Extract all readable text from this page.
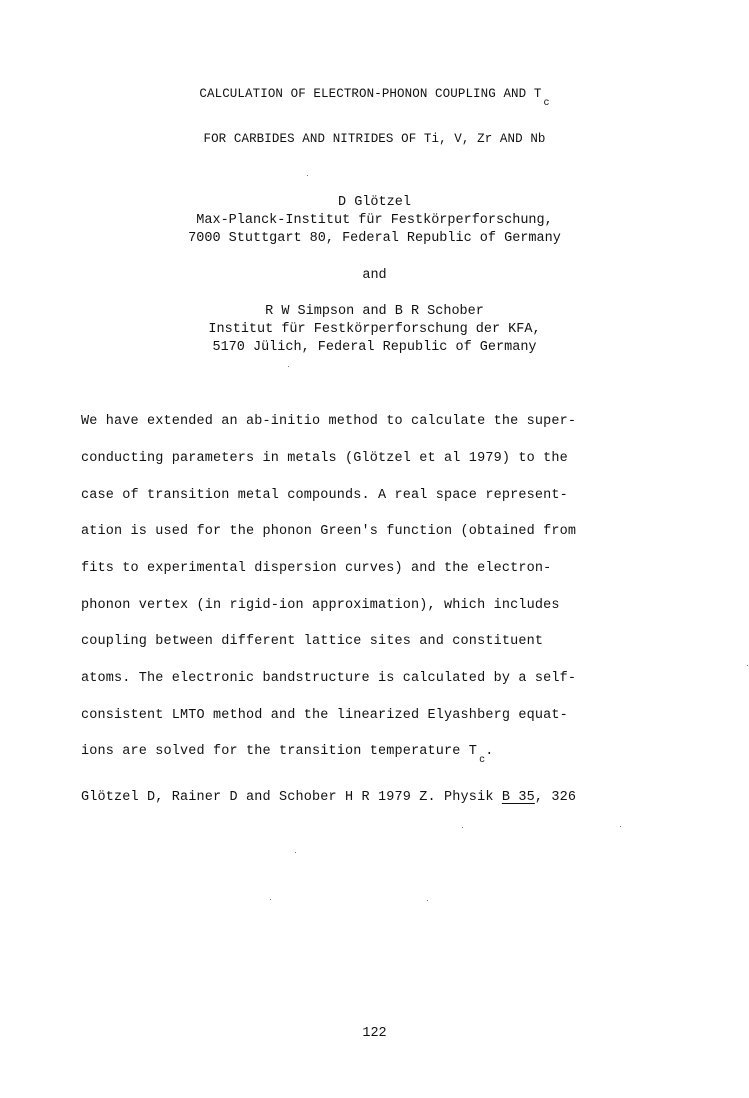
CALCULATION OF ELECTRON-PHONON COUPLING AND $T_c$
FOR CARBIDES AND NITRIDES OF Ti, V, Zr AND Nb
D Glötzel
Max-Planck-Institut für Festkörperforschung,
7000 Stuttgart 80, Federal Republic of Germany
and
R W Simpson and B R Schober
Institut für Festkörperforschung der KFA,
5170 Jülich, Federal Republic of Germany
We have extended an ab-initio method to calculate the super-
conducting parameters in metals (Glötzel et al 1979) to the
case of transition metal compounds. A real space represent-
ation is used for the phonon Green's function (obtained from
fits to experimental dispersion curves) and the electron-
phonon vertex (in rigid-ion approximation), which includes
coupling between different lattice sites and constituent
atoms. The electronic bandstructure is calculated by a self-
consistent LMTO method and the linearized Elyashberg equat-
ions are solved for the transition temperature $T_c$.
Glötzel D, Rainer D and Schober H R 1979 Z. Physik B 35, 326
122
